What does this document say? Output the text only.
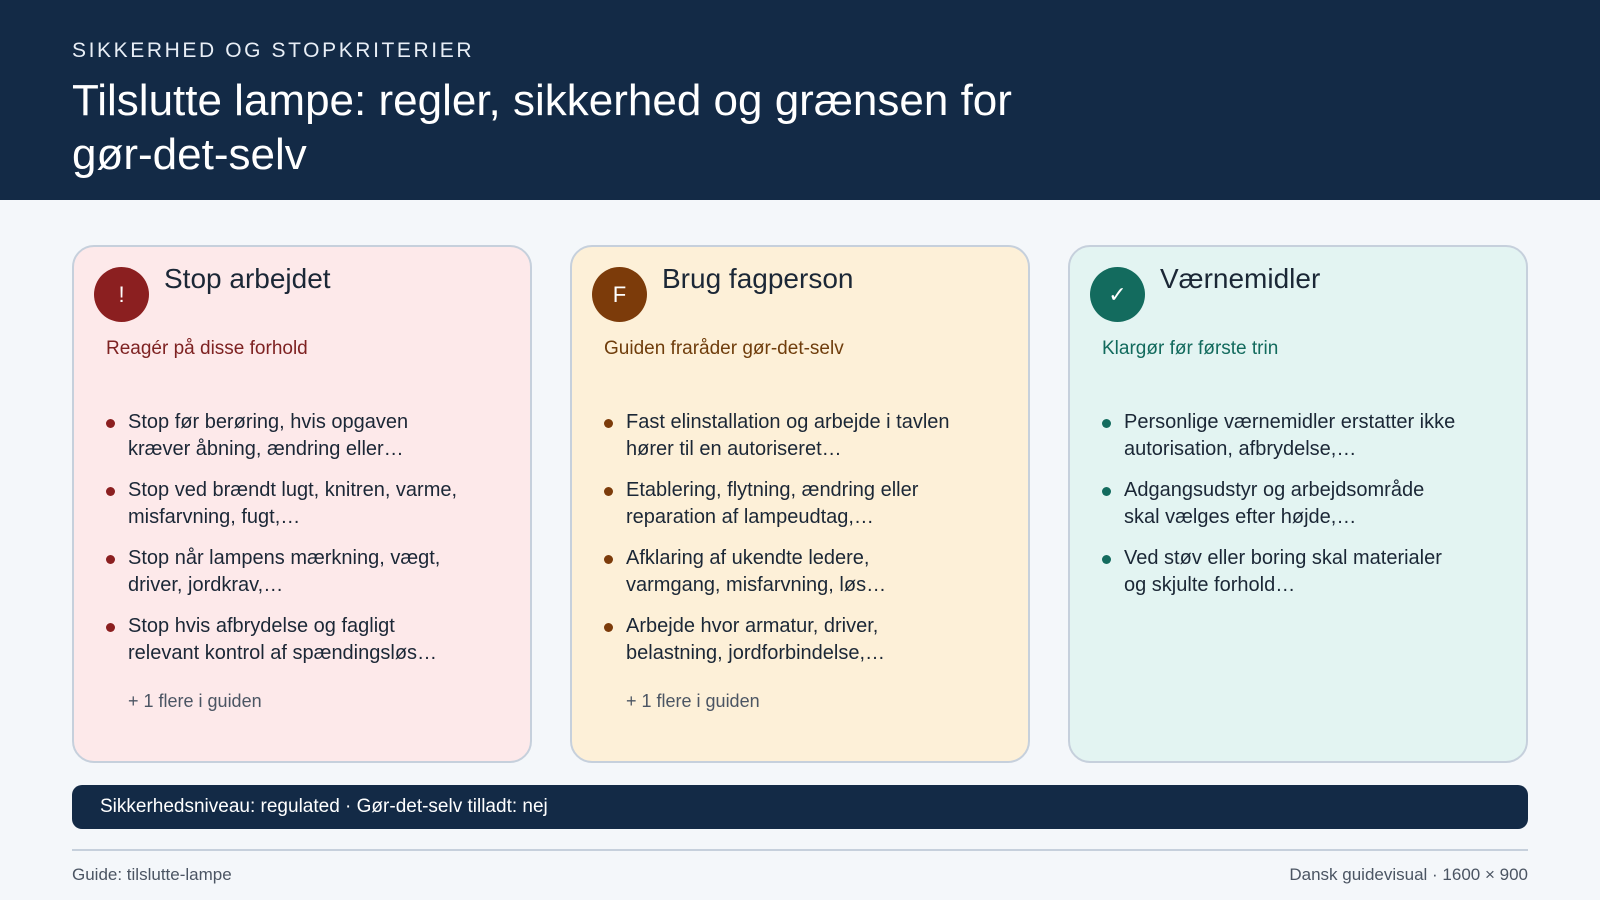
SIKKERHED OG STOPKRITERIER
Tilslutte lampe: regler, sikkerhed og grænsen for gør-det-selv
! Stop arbejdet
Reagér på disse forhold
Stop før berøring, hvis opgaven kræver åbning, ændring eller…
Stop ved brændt lugt, knitren, varme, misfarvning, fugt,…
Stop når lampens mærkning, vægt, driver, jordkrav,…
Stop hvis afbrydelse og fagligt relevant kontrol af spændingsløs…
+ 1 flere i guiden
F Brug fagperson
Guiden fraråder gør-det-selv
Fast elinstallation og arbejde i tavlen hører til en autoriseret…
Etablering, flytning, ændring eller reparation af lampeudtag,…
Afklaring af ukendte ledere, varmgang, misfarvning, løs…
Arbejde hvor armatur, driver, belastning, jordforbindelse,…
+ 1 flere i guiden
✓ Værnemidler
Klargør før første trin
Personlige værnemidler erstatter ikke autorisation, afbrydelse,…
Adgangsudstyr og arbejdsområde skal vælges efter højde,…
Ved støv eller boring skal materialer og skjulte forhold…
Sikkerhedsniveau: regulated · Gør-det-selv tilladt: nej
Guide: tilslutte-lampe	Dansk guidevisual · 1600 × 900
